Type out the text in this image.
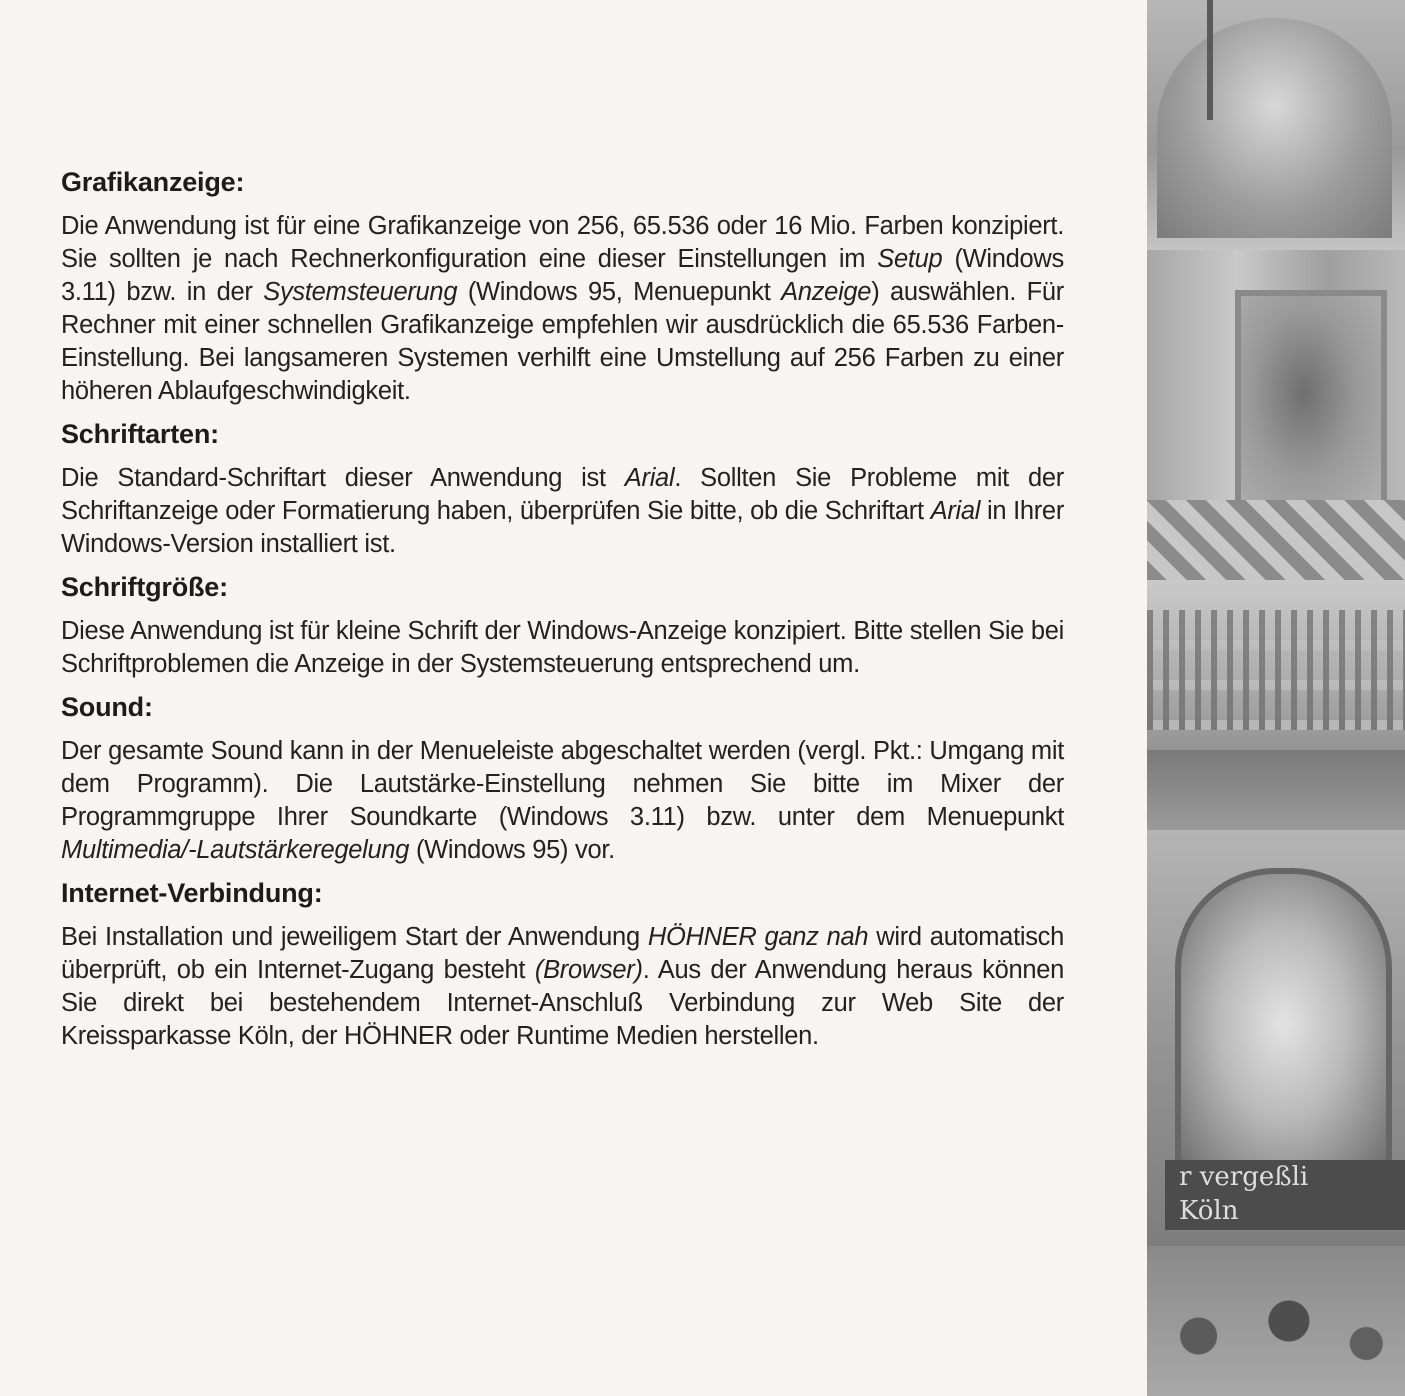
Grafikanzeige:

Die Anwendung ist für eine Grafikanzeige von 256, 65.536 oder 16 Mio. Farben konzipiert. Sie sollten je nach Rechnerkonfiguration eine dieser Einstellungen im Setup (Windows 3.11) bzw. in der Systemsteuerung (Windows 95, Menuepunkt Anzeige) auswählen. Für Rechner mit einer schnellen Grafikanzeige empfehlen wir ausdrücklich die 65.536 Farben-Einstellung. Bei langsameren Systemen verhilft eine Umstellung auf 256 Farben zu einer höheren Ablaufgeschwindigkeit.

Schriftarten:

Die Standard-Schriftart dieser Anwendung ist Arial. Sollten Sie Probleme mit der Schriftanzeige oder Formatierung haben, überprüfen Sie bitte, ob die Schriftart Arial in Ihrer Windows-Version installiert ist.

Schriftgröße:

Diese Anwendung ist für kleine Schrift der Windows-Anzeige konzipiert. Bitte stellen Sie bei Schriftproblemen die Anzeige in der Systemsteuerung entsprechend um.

Sound:

Der gesamte Sound kann in der Menueleiste abgeschaltet werden (vergl. Pkt.: Umgang mit dem Programm). Die Lautstärke-Einstellung nehmen Sie bitte im Mixer der Programmgruppe Ihrer Soundkarte (Windows 3.11) bzw. unter dem Menuepunkt Multimedia/-Lautstärkeregelung (Windows 95) vor.

Internet-Verbindung:

Bei Installation und jeweiligem Start der Anwendung HÖHNER ganz nah wird automatisch überprüft, ob ein Internet-Zugang besteht (Browser). Aus der Anwendung heraus können Sie direkt bei bestehendem Internet-Anschluß Verbindung zur Web Site der Kreissparkasse Köln, der HÖHNER oder Runtime Medien herstellen.

r vergeßli
Köln
